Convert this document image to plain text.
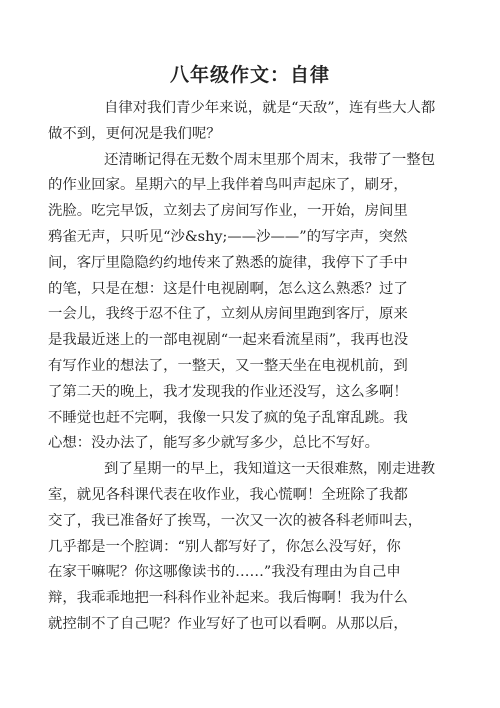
八年级作文：自律
自律对我们青少年来说，就是“天敌”，连有些大人都
做不到，更何况是我们呢？
还清晰记得在无数个周末里那个周末，我带了一整包
的作业回家。星期六的早上我伴着鸟叫声起床了，刷牙，
洗脸。吃完早饭，立刻去了房间写作业，一开始，房间里
鸦雀无声，只听见“沙&shy;——沙——”的写字声，突然
间，客厅里隐隐约约地传来了熟悉的旋律，我停下了手中
的笔，只是在想：这是什电视剧啊，怎么这么熟悉？过了
一会儿，我终于忍不住了，立刻从房间里跑到客厅，原来
是我最近迷上的一部电视剧“一起来看流星雨”，我再也没
有写作业的想法了，一整天，又一整天坐在电视机前，到
了第二天的晚上，我才发现我的作业还没写，这么多啊！
不睡觉也赶不完啊，我像一只发了疯的兔子乱窜乱跳。我
心想：没办法了，能写多少就写多少，总比不写好。
到了星期一的早上，我知道这一天很难熬，刚走进教
室，就见各科课代表在收作业，我心慌啊！全班除了我都
交了，我已准备好了挨骂，一次又一次的被各科老师叫去，
几乎都是一个腔调：“别人都写好了，你怎么没写好，你
在家干嘛呢？你这哪像读书的……”我没有理由为自己申
辩，我乖乖地把一科科作业补起来。我后悔啊！我为什么
就控制不了自己呢？作业写好了也可以看啊。从那以后，
